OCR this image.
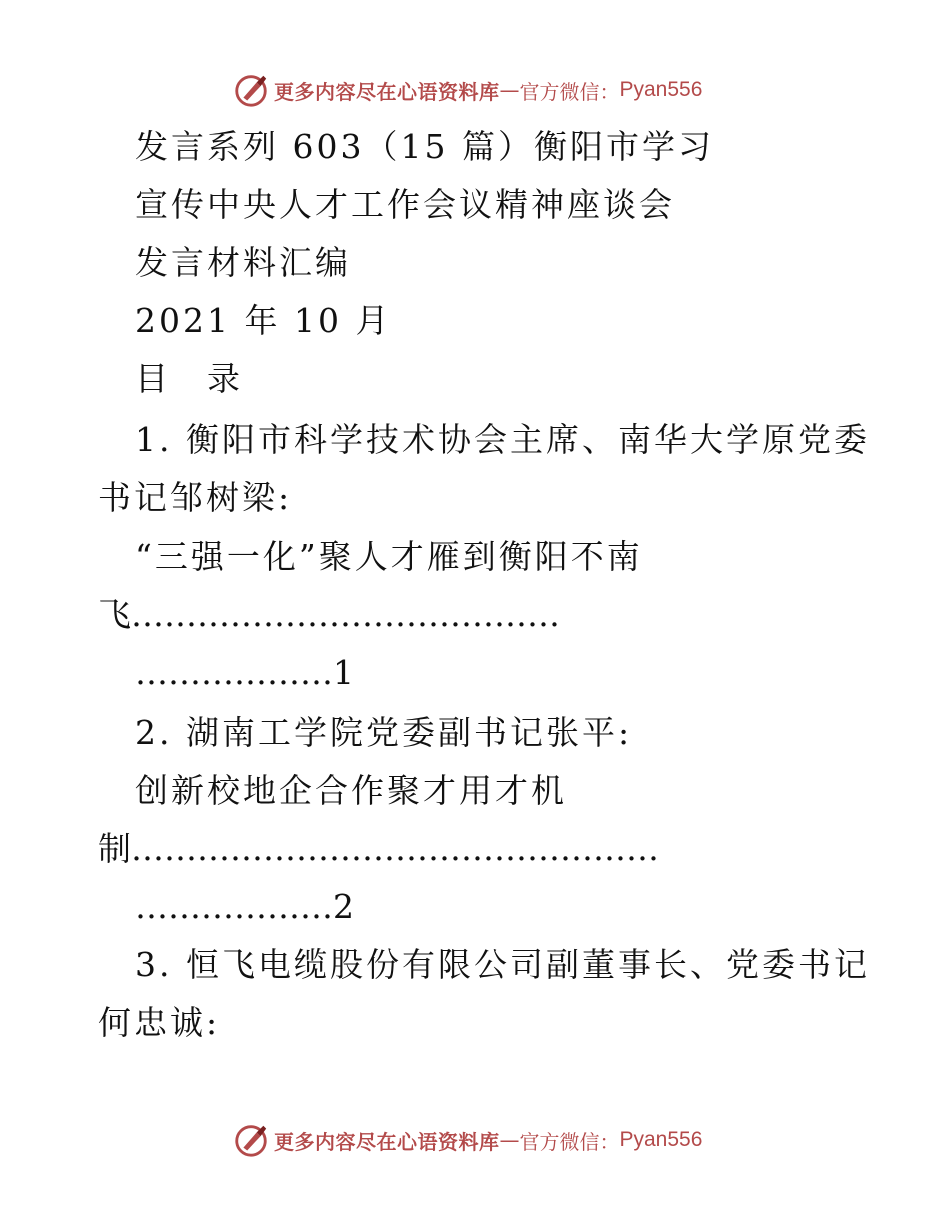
更多内容尽在心语资料库 — 官方微信： Pyan556
发言系列 603（15 篇）衡阳市学习
宣传中央人才工作会议精神座谈会
发言材料汇编
2021 年 10 月
目　录
1. 衡阳市科学技术协会主席、南华大学原党委
书记邹树梁:
“三强一化”聚人才雁到衡阳不南
飞…………………………………
………………1
2. 湖南工学院党委副书记张平:
创新校地企合作聚才用才机
制…………………………………………
………………2
3. 恒飞电缆股份有限公司副董事长、党委书记
何忠诚:
更多内容尽在心语资料库 — 官方微信： Pyan556
